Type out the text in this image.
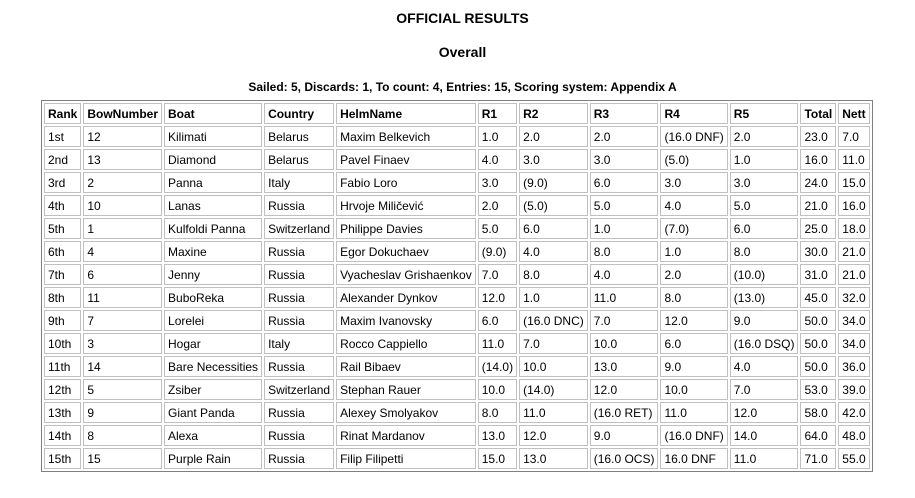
OFFICIAL RESULTS
Overall
Sailed: 5, Discards: 1, To count: 4, Entries: 15, Scoring system: Appendix A
Rank	BowNumber	Boat	Country	HelmName	R1	R2	R3	R4	R5	Total	Nett
1st	12	Kilimati	Belarus	Maxim Belkevich	1.0	2.0	2.0	(16.0 DNF)	2.0	23.0	7.0
2nd	13	Diamond	Belarus	Pavel Finaev	4.0	3.0	3.0	(5.0)	1.0	16.0	11.0
3rd	2	Panna	Italy	Fabio Loro	3.0	(9.0)	6.0	3.0	3.0	24.0	15.0
4th	10	Lanas	Russia	Hrvoje Miličević	2.0	(5.0)	5.0	4.0	5.0	21.0	16.0
5th	1	Kulfoldi Panna	Switzerland	Philippe Davies	5.0	6.0	1.0	(7.0)	6.0	25.0	18.0
6th	4	Maxine	Russia	Egor Dokuchaev	(9.0)	4.0	8.0	1.0	8.0	30.0	21.0
7th	6	Jenny	Russia	Vyacheslav Grishaenkov	7.0	8.0	4.0	2.0	(10.0)	31.0	21.0
8th	11	BuboReka	Russia	Alexander Dynkov	12.0	1.0	11.0	8.0	(13.0)	45.0	32.0
9th	7	Lorelei	Russia	Maxim Ivanovsky	6.0	(16.0 DNC)	7.0	12.0	9.0	50.0	34.0
10th	3	Hogar	Italy	Rocco Cappiello	11.0	7.0	10.0	6.0	(16.0 DSQ)	50.0	34.0
11th	14	Bare Necessities	Russia	Rail Bibaev	(14.0)	10.0	13.0	9.0	4.0	50.0	36.0
12th	5	Zsiber	Switzerland	Stephan Rauer	10.0	(14.0)	12.0	10.0	7.0	53.0	39.0
13th	9	Giant Panda	Russia	Alexey Smolyakov	8.0	11.0	(16.0 RET)	11.0	12.0	58.0	42.0
14th	8	Alexa	Russia	Rinat Mardanov	13.0	12.0	9.0	(16.0 DNF)	14.0	64.0	48.0
15th	15	Purple Rain	Russia	Filip Filipetti	15.0	13.0	(16.0 OCS)	16.0 DNF	11.0	71.0	55.0
